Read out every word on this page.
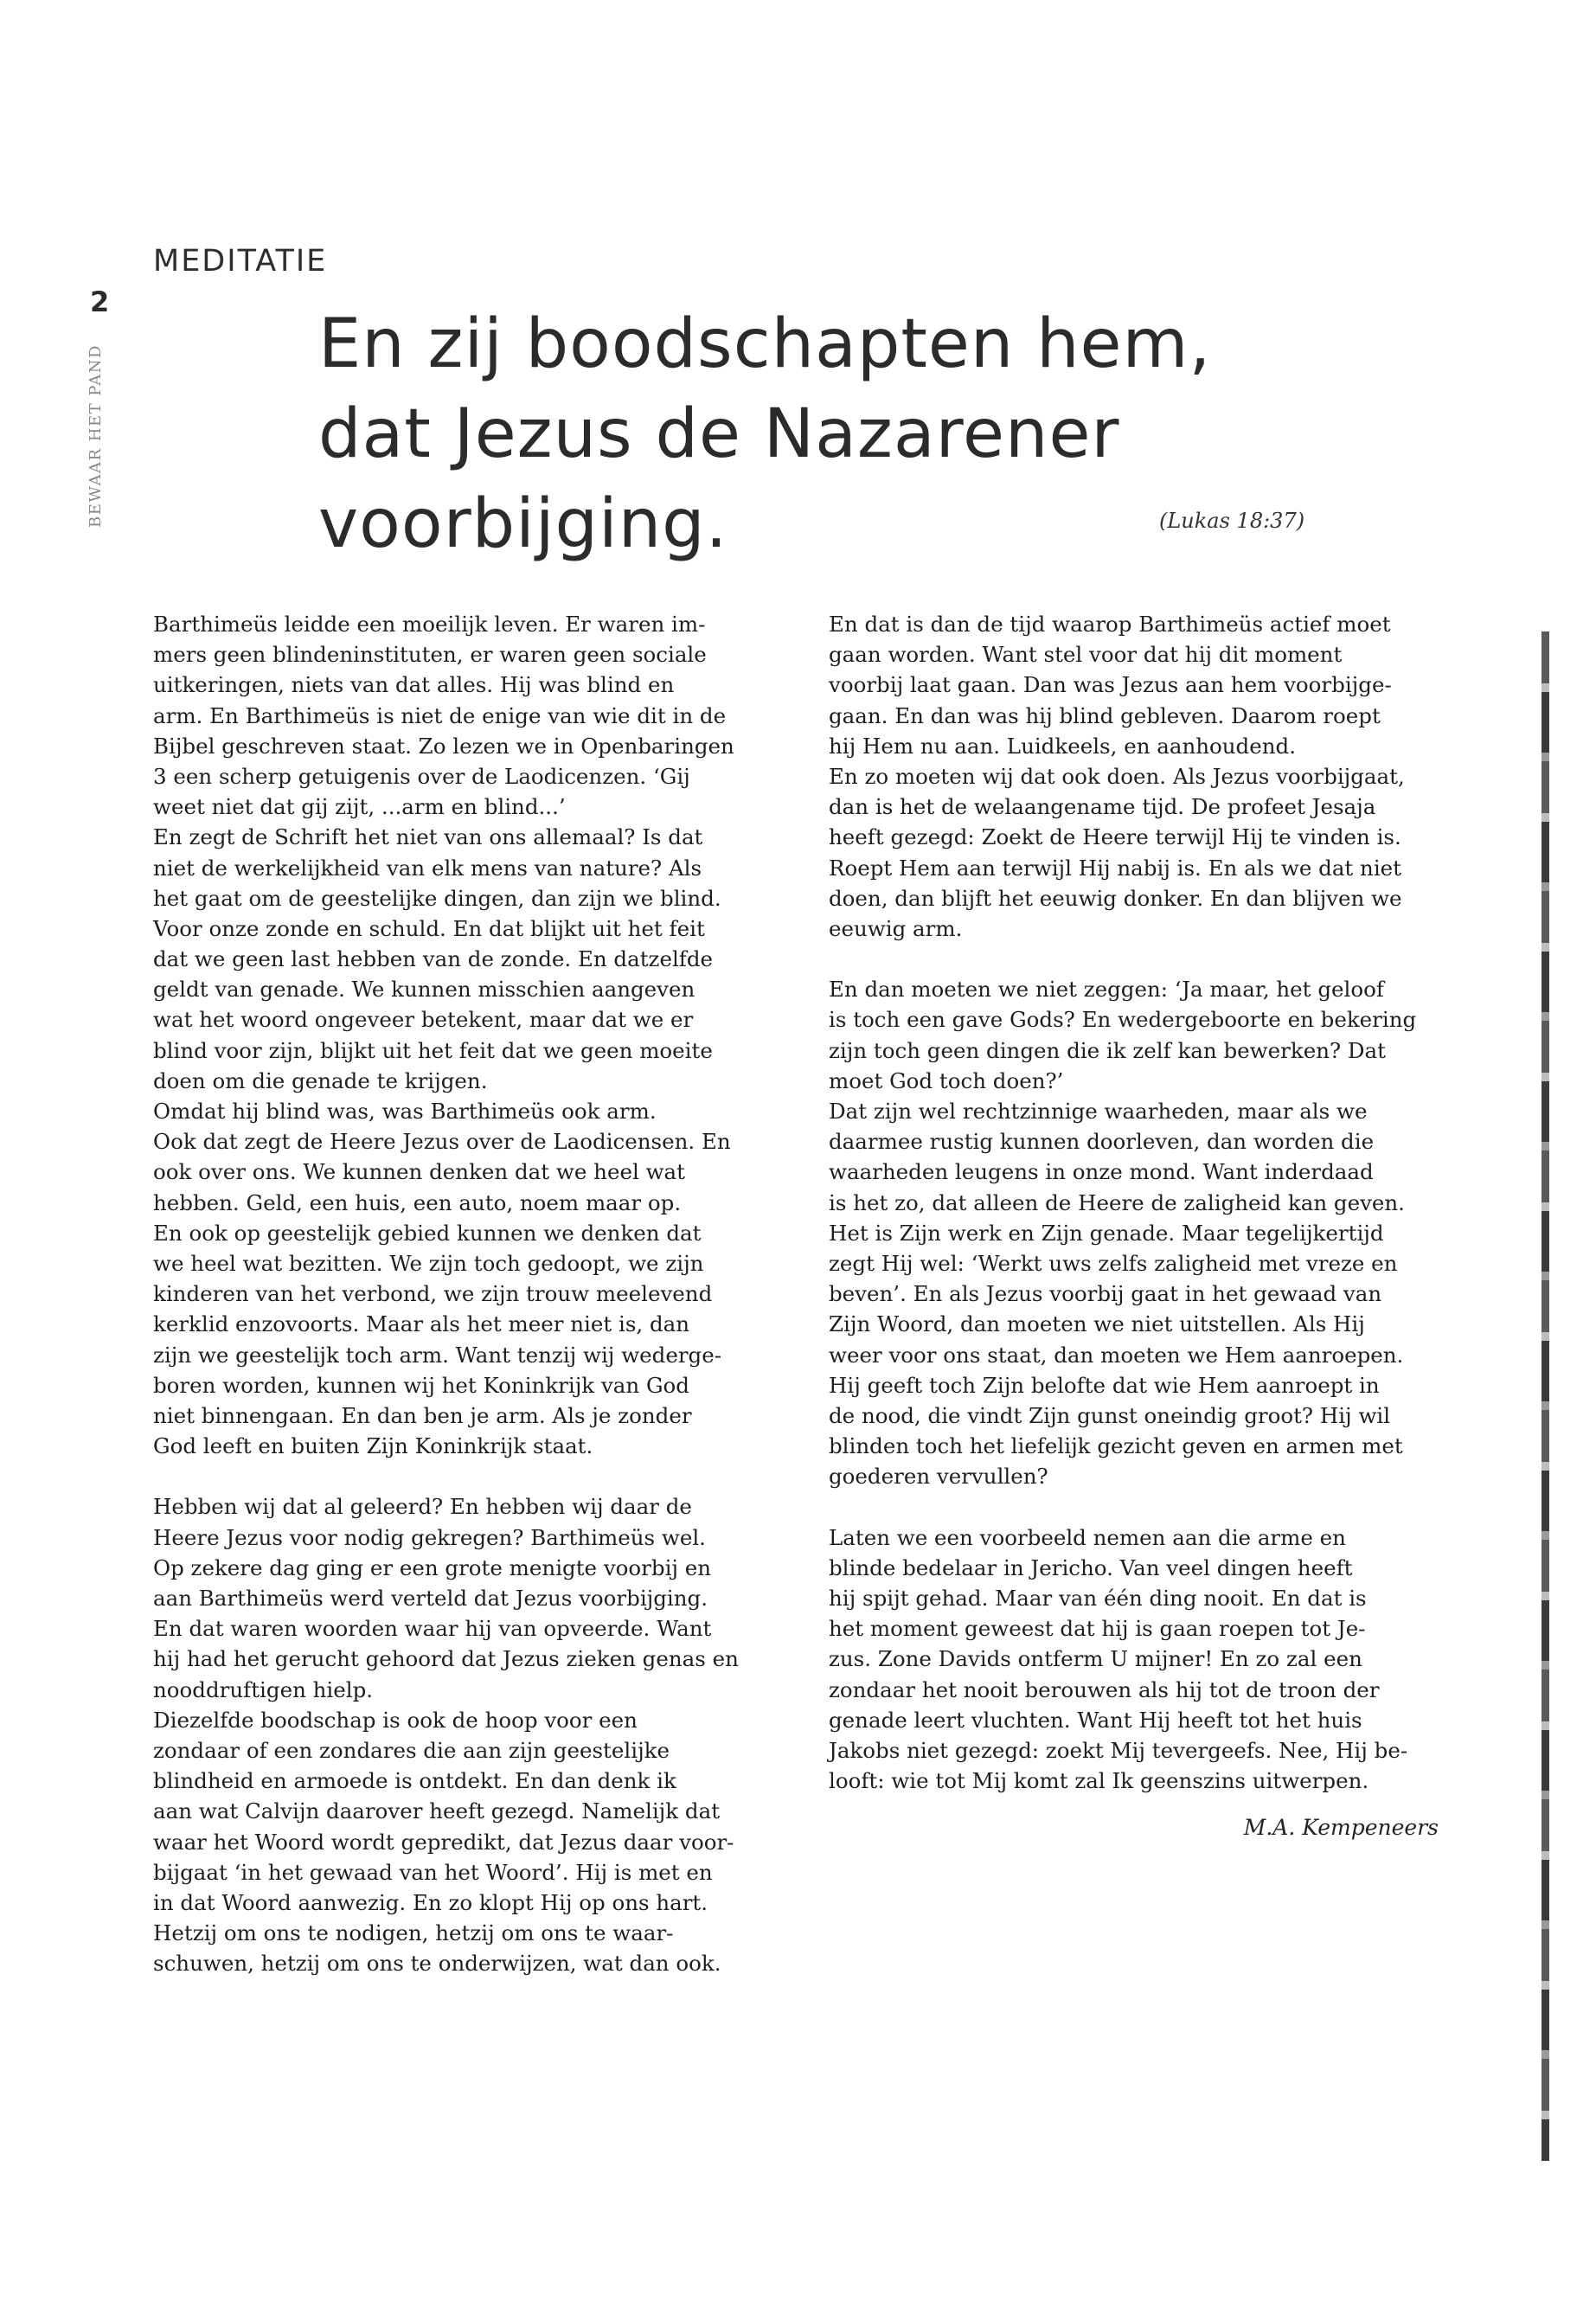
2
BEWAAR HET PAND
MEDITATIE
En zij boodschapten hem,
dat Jezus de Nazarener
voorbijging.	(Lukas 18:37)
Barthimeüs leidde een moeilijk leven. Er waren im-
mers geen blindeninstituten, er waren geen sociale
uitkeringen, niets van dat alles. Hij was blind en
arm. En Barthimeüs is niet de enige van wie dit in de
Bijbel geschreven staat. Zo lezen we in Openbaringen
3 een scherp getuigenis over de Laodicenzen. ‘Gij
weet niet dat gij zijt, ...arm en blind...’
En zegt de Schrift het niet van ons allemaal? Is dat
niet de werkelijkheid van elk mens van nature? Als
het gaat om de geestelijke dingen, dan zijn we blind.
Voor onze zonde en schuld. En dat blijkt uit het feit
dat we geen last hebben van de zonde. En datzelfde
geldt van genade. We kunnen misschien aangeven
wat het woord ongeveer betekent, maar dat we er
blind voor zijn, blijkt uit het feit dat we geen moeite
doen om die genade te krijgen.
Omdat hij blind was, was Barthimeüs ook arm.
Ook dat zegt de Heere Jezus over de Laodicensen. En
ook over ons. We kunnen denken dat we heel wat
hebben. Geld, een huis, een auto, noem maar op.
En ook op geestelijk gebied kunnen we denken dat
we heel wat bezitten. We zijn toch gedoopt, we zijn
kinderen van het verbond, we zijn trouw meelevend
kerklid enzovoorts. Maar als het meer niet is, dan
zijn we geestelijk toch arm. Want tenzij wij wederge-
boren worden, kunnen wij het Koninkrijk van God
niet binnengaan. En dan ben je arm. Als je zonder
God leeft en buiten Zijn Koninkrijk staat.
Hebben wij dat al geleerd? En hebben wij daar de
Heere Jezus voor nodig gekregen? Barthimeüs wel.
Op zekere dag ging er een grote menigte voorbij en
aan Barthimeüs werd verteld dat Jezus voorbijging.
En dat waren woorden waar hij van opveerde. Want
hij had het gerucht gehoord dat Jezus zieken genas en
nooddruftigen hielp.
Diezelfde boodschap is ook de hoop voor een
zondaar of een zondares die aan zijn geestelijke
blindheid en armoede is ontdekt. En dan denk ik
aan wat Calvijn daarover heeft gezegd. Namelijk dat
waar het Woord wordt gepredikt, dat Jezus daar voor-
bijgaat ‘in het gewaad van het Woord’. Hij is met en
in dat Woord aanwezig. En zo klopt Hij op ons hart.
Hetzij om ons te nodigen, hetzij om ons te waar-
schuwen, hetzij om ons te onderwijzen, wat dan ook.
En dat is dan de tijd waarop Barthimeüs actief moet
gaan worden. Want stel voor dat hij dit moment
voorbij laat gaan. Dan was Jezus aan hem voorbijge-
gaan. En dan was hij blind gebleven. Daarom roept
hij Hem nu aan. Luidkeels, en aanhoudend.
En zo moeten wij dat ook doen. Als Jezus voorbijgaat,
dan is het de welaangename tijd. De profeet Jesaja
heeft gezegd: Zoekt de Heere terwijl Hij te vinden is.
Roept Hem aan terwijl Hij nabij is. En als we dat niet
doen, dan blijft het eeuwig donker. En dan blijven we
eeuwig arm.
En dan moeten we niet zeggen: ‘Ja maar, het geloof
is toch een gave Gods? En wedergeboorte en bekering
zijn toch geen dingen die ik zelf kan bewerken? Dat
moet God toch doen?’
Dat zijn wel rechtzinnige waarheden, maar als we
daarmee rustig kunnen doorleven, dan worden die
waarheden leugens in onze mond. Want inderdaad
is het zo, dat alleen de Heere de zaligheid kan geven.
Het is Zijn werk en Zijn genade. Maar tegelijkertijd
zegt Hij wel: ‘Werkt uws zelfs zaligheid met vreze en
beven’. En als Jezus voorbij gaat in het gewaad van
Zijn Woord, dan moeten we niet uitstellen. Als Hij
weer voor ons staat, dan moeten we Hem aanroepen.
Hij geeft toch Zijn belofte dat wie Hem aanroept in
de nood, die vindt Zijn gunst oneindig groot? Hij wil
blinden toch het liefelijk gezicht geven en armen met
goederen vervullen?
Laten we een voorbeeld nemen aan die arme en
blinde bedelaar in Jericho. Van veel dingen heeft
hij spijt gehad. Maar van één ding nooit. En dat is
het moment geweest dat hij is gaan roepen tot Je-
zus. Zone Davids ontferm U mijner! En zo zal een
zondaar het nooit berouwen als hij tot de troon der
genade leert vluchten. Want Hij heeft tot het huis
Jakobs niet gezegd: zoekt Mij tevergeefs. Nee, Hij be-
looft: wie tot Mij komt zal Ik geenszins uitwerpen.
M.A. Kempeneers
